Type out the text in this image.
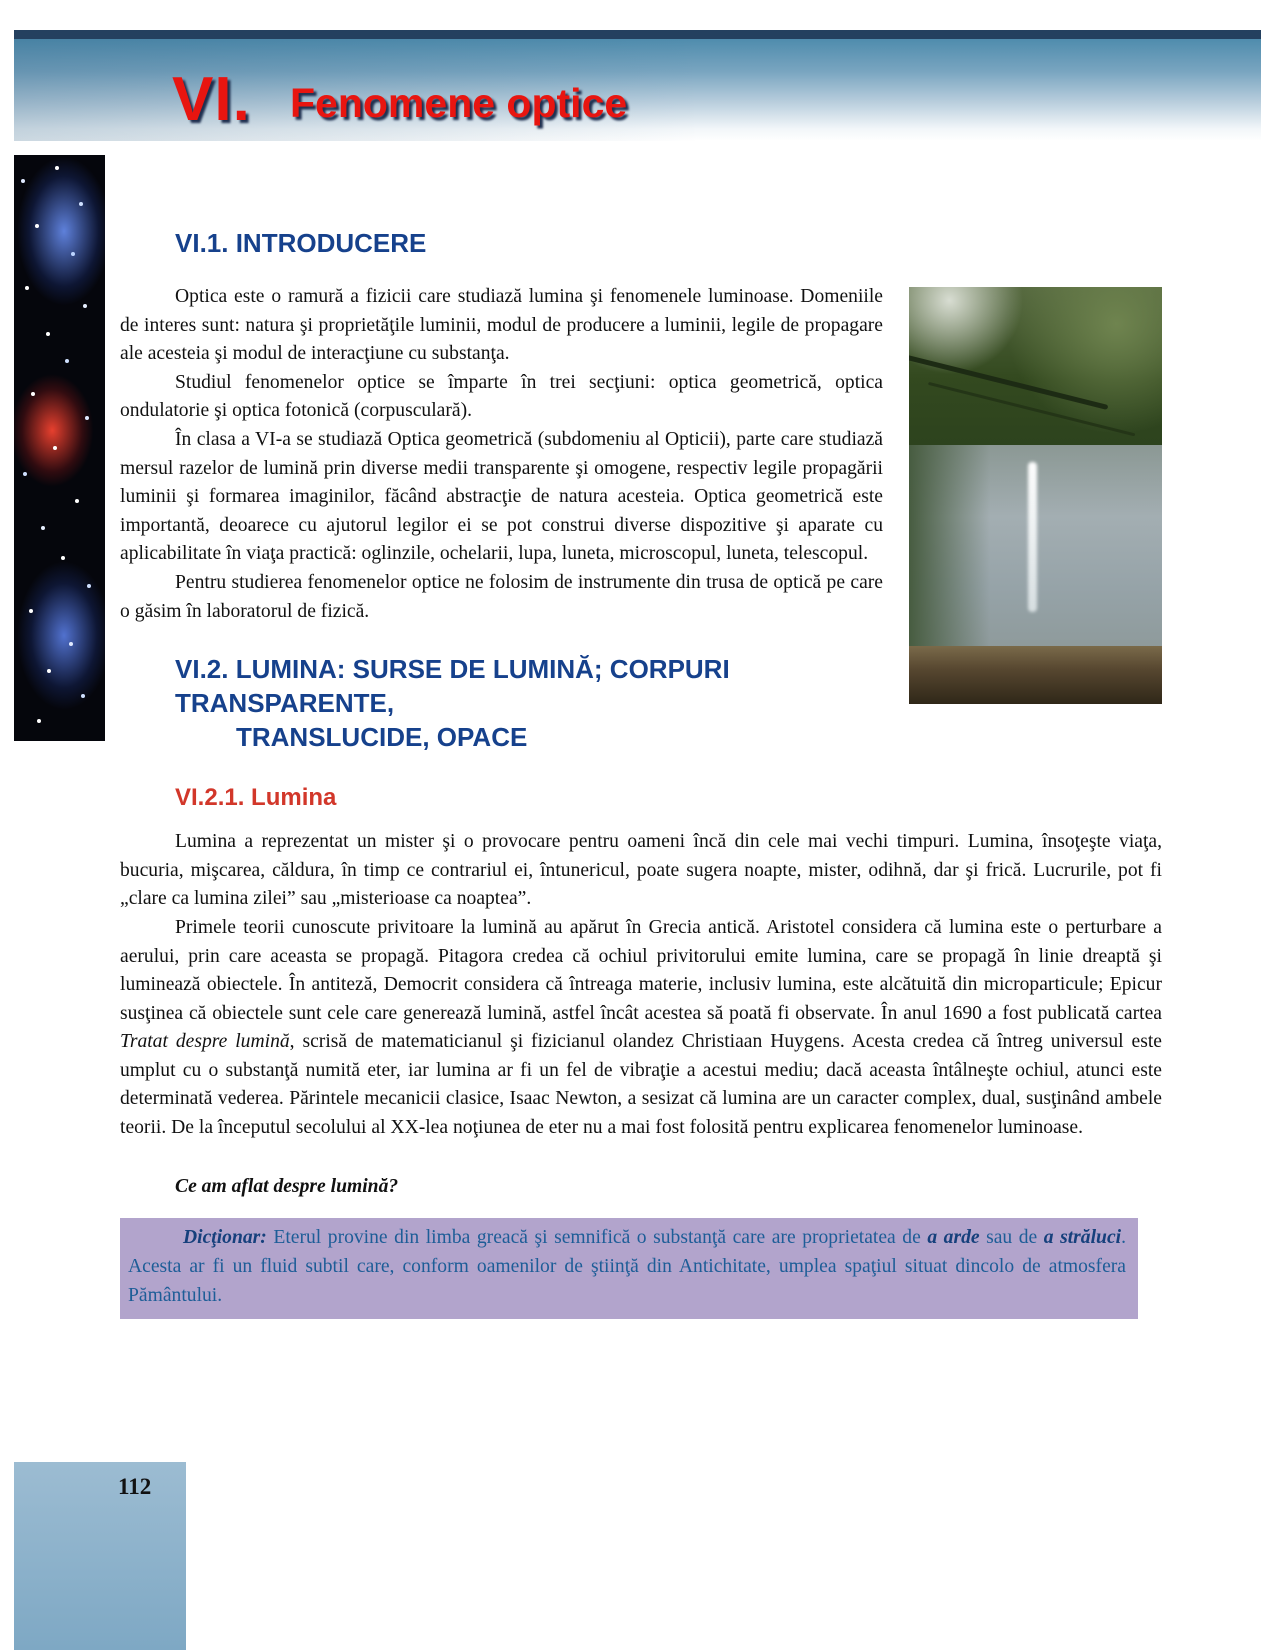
VI. Fenomene optice
VI.1. INTRODUCERE

Optica este o ramură a fizicii care studiază lumina şi fenomenele luminoase. Domeniile de interes sunt: natura şi proprietăţile luminii, modul de producere a luminii, legile de propagare ale acesteia şi modul de interacţiune cu substanţa.

Studiul fenomenelor optice se împarte în trei secţiuni: optica geometrică, optica ondulatorie şi optica fotonică (corpusculară).

În clasa a VI-a se studiază Optica geometrică (subdomeniu al Opticii), parte care studiază mersul razelor de lumină prin diverse medii transparente şi omogene, respectiv legile propagării luminii şi formarea imaginilor, făcând abstracţie de natura acesteia. Optica geometrică este importantă, deoarece cu ajutorul legilor ei se pot construi diverse dispozitive şi aparate cu aplicabilitate în viaţa practică: oglinzile, ochelarii, lupa, luneta, microscopul, luneta, telescopul.

Pentru studierea fenomenelor optice ne folosim de instrumente din trusa de optică pe care o găsim în laboratorul de fizică.

VI.2. LUMINA: SURSE DE LUMINĂ; CORPURI TRANSPARENTE,
TRANSLUCIDE, OPACE
VI.2.1. Lumina

Lumina a reprezentat un mister şi o provocare pentru oameni încă din cele mai vechi timpuri. Lumina, însoţeşte viaţa, bucuria, mişcarea, căldura, în timp ce contrariul ei, întunericul, poate sugera noapte, mister, odihnă, dar şi frică. Lucrurile, pot fi „clare ca lumina zilei” sau „misterioase ca noaptea”.

Primele teorii cunoscute privitoare la lumină au apărut în Grecia antică. Aristotel considera că lumina este o perturbare a aerului, prin care aceasta se propagă. Pitagora credea că ochiul privitorului emite lumina, care se propagă în linie dreaptă şi luminează obiectele. În antiteză, Democrit considera că întreaga materie, inclusiv lumina, este alcătuită din microparticule; Epicur susţinea că obiectele sunt cele care generează lumină, astfel încât acestea să poată fi observate. În anul 1690 a fost publicată cartea Tratat despre lumină, scrisă de matematicianul şi fizicianul olandez Christiaan Huygens. Acesta credea că întreg universul este umplut cu o substanţă numită eter, iar lumina ar fi un fel de vibraţie a acestui mediu; dacă aceasta întâlneşte ochiul, atunci este determinată vederea. Părintele mecanicii clasice, Isaac Newton, a sesizat că lumina are un caracter complex, dual, susţinând ambele teorii. De la începutul secolului al XX-lea noţiunea de eter nu a mai fost folosită pentru explicarea fenomenelor luminoase.

Ce am aflat despre lumină?

Dicţionar: Eterul provine din limba greacă şi semnifică o substanţă care are proprietatea de a arde sau de a străluci. Acesta ar fi un fluid subtil care, conform oamenilor de ştiinţă din Antichitate, umplea spaţiul situat dincolo de atmosfera Pământului.
112
